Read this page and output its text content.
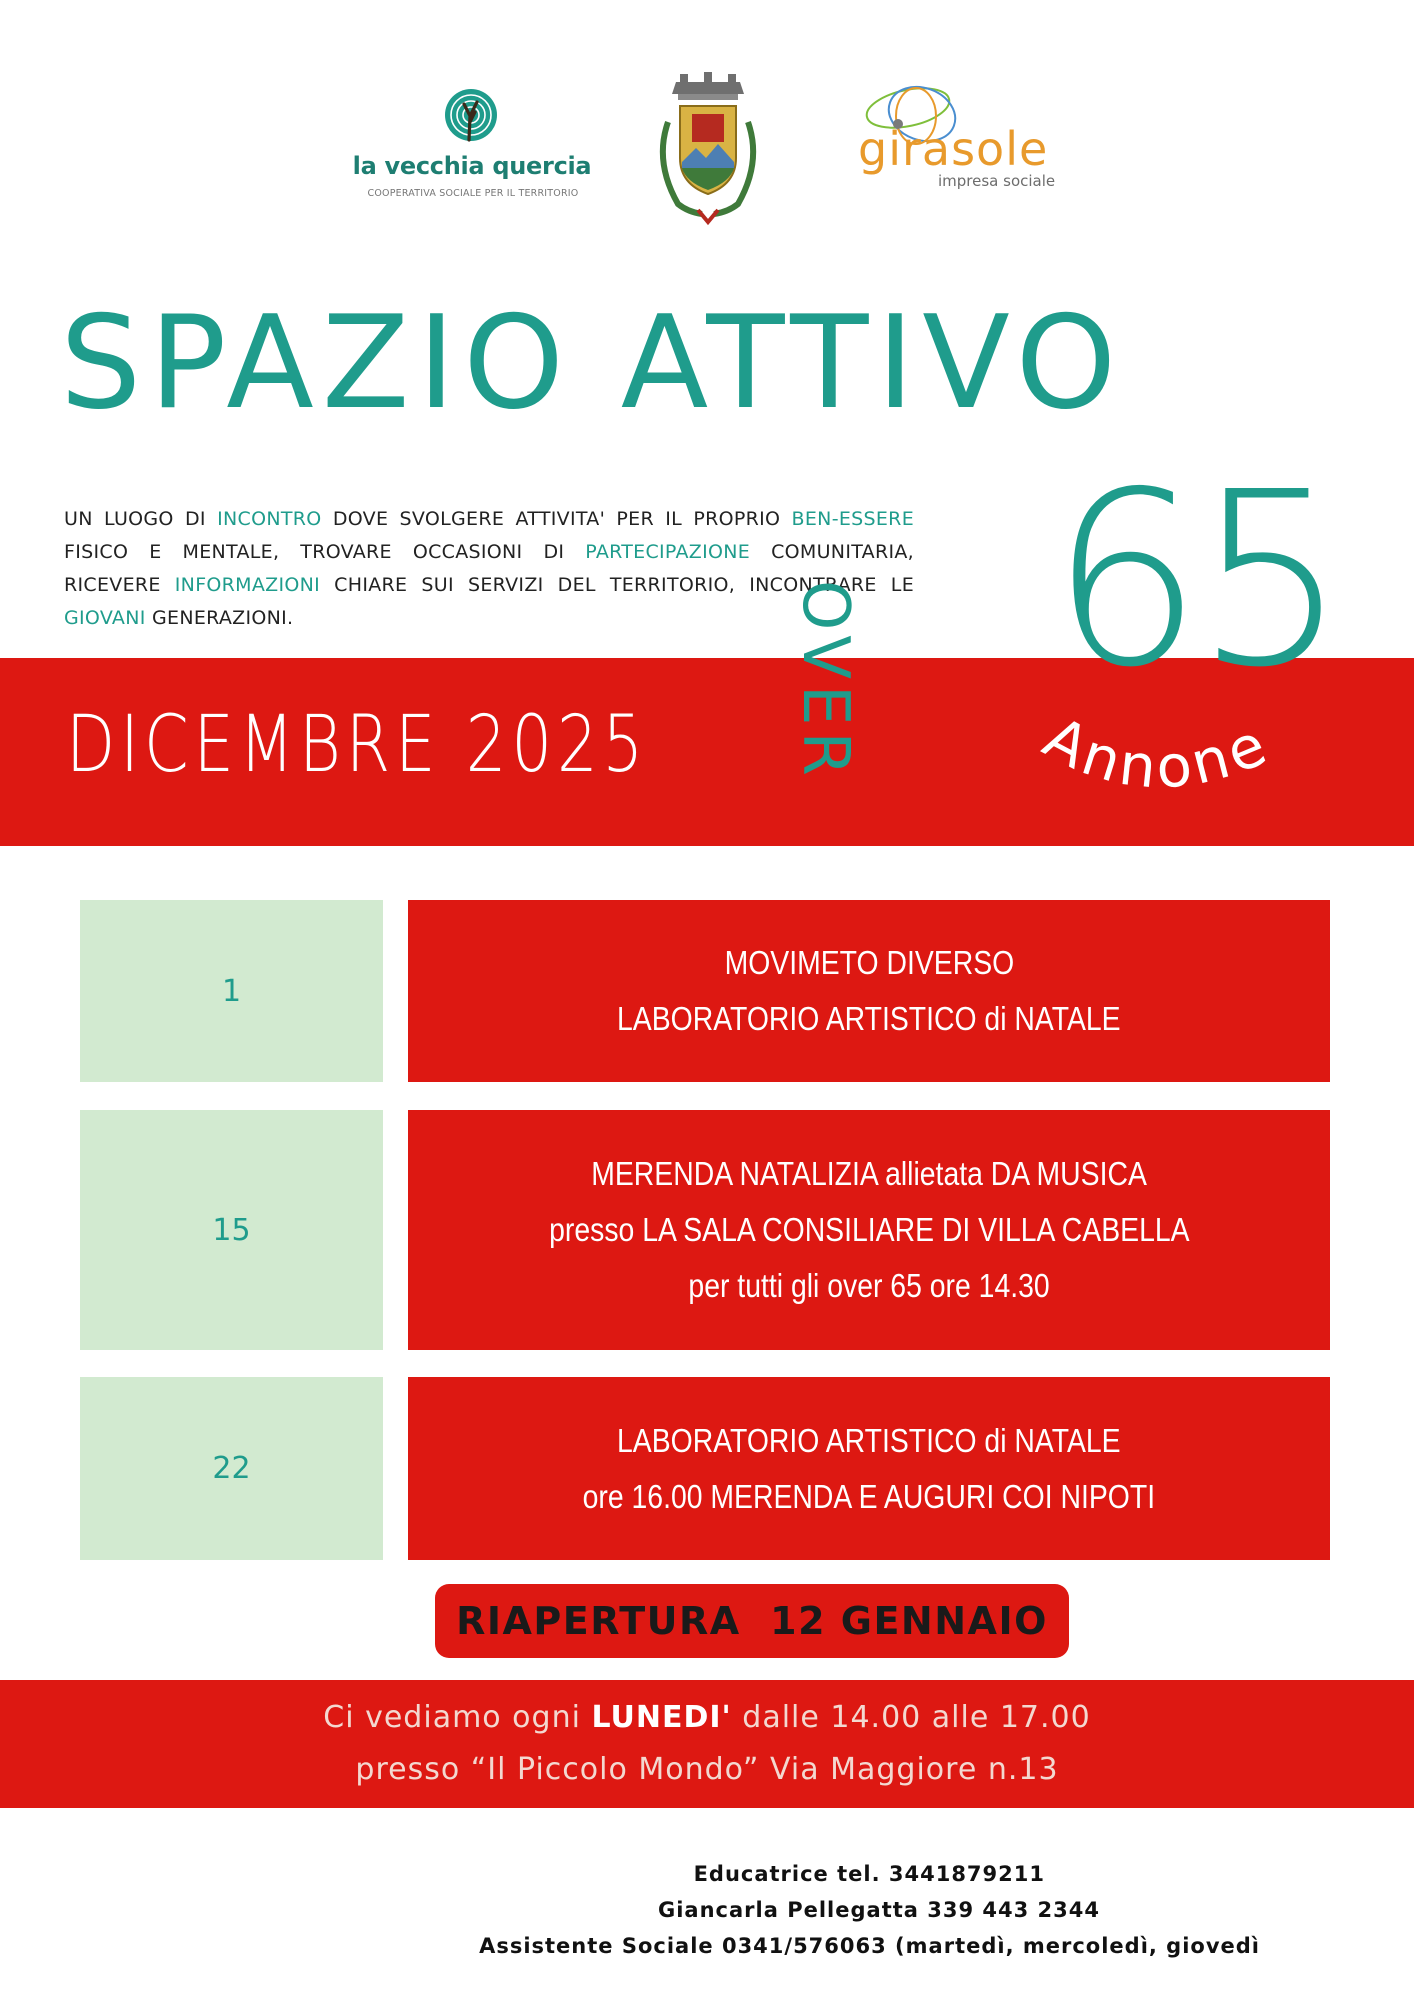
la vecchia quercia
COOPERATIVA SOCIALE PER IL TERRITORIO
girasole
impresa sociale
SPAZIO ATTIVO
UN LUOGO DI INCONTRO DOVE SVOLGERE ATTIVITA' PER IL PROPRIO BEN-ESSERE FISICO E MENTALE, TROVARE OCCASIONI DI PARTECIPAZIONE COMUNITARIA, RICEVERE INFORMAZIONI CHIARE SUI SERVIZI DEL TERRITORIO, INCONTRARE LE GIOVANI GENERAZIONI.
DICEMBRE 2025
65
OVER	Annone
1
MOVIMETO DIVERSO
LABORATORIO ARTISTICO di NATALE
15
MERENDA NATALIZIA allietata DA MUSICA
presso LA SALA CONSILIARE DI VILLA CABELLA
per tutti gli over 65 ore 14.30
22
LABORATORIO ARTISTICO di NATALE
ore 16.00 MERENDA E AUGURI COI NIPOTI
RIAPERTURA  12 GENNAIO
Ci vediamo ogni LUNEDI' dalle 14.00 alle 17.00
presso “Il Piccolo Mondo” Via Maggiore n.13
Educatrice tel. 3441879211
Giancarla Pellegatta 339 443 2344
Assistente Sociale 0341/576063 (martedì, mercoledì, giovedì
